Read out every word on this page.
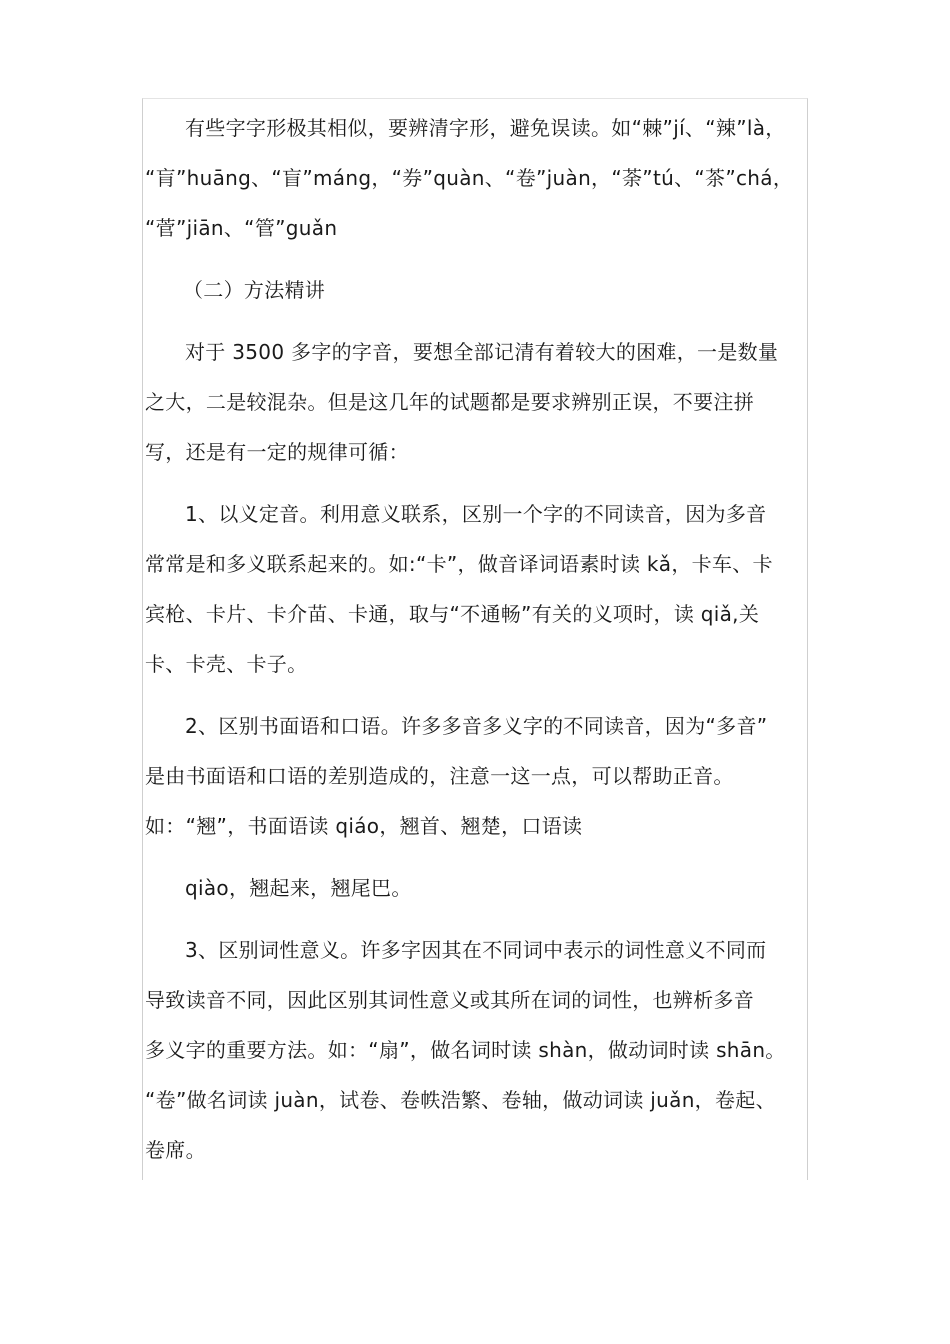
有些字字形极其相似，要辨清字形，避免误读。如“棘”jí、“辣”là，
“肓”huāng、“盲”máng，“券”quàn、“卷”juàn，“荼”tú、“茶”chá，
“菅”jiān、“管”guǎn
（二）方法精讲
对于 3500 多字的字音，要想全部记清有着较大的困难，一是数量
之大，二是较混杂。但是这几年的试题都是要求辨别正误，不要注拼
写，还是有一定的规律可循：
1、以义定音。利用意义联系，区别一个字的不同读音，因为多音
常常是和多义联系起来的。如:“卡”，做音译词语素时读 kǎ，卡车、卡
宾枪、卡片、卡介苗、卡通，取与“不通畅”有关的义项时，读 qiǎ,关
卡、卡壳、卡子。
2、区别书面语和口语。许多多音多义字的不同读音，因为“多音”
是由书面语和口语的差别造成的，注意一这一点，可以帮助正音。
如：“翘”，书面语读 qiáo，翘首、翘楚，口语读
qiào，翘起来，翘尾巴。
3、区别词性意义。许多字因其在不同词中表示的词性意义不同而
导致读音不同，因此区别其词性意义或其所在词的词性，也辨析多音
多义字的重要方法。如：“扇”，做名词时读 shàn，做动词时读 shān。
“卷”做名词读 juàn，试卷、卷帙浩繁、卷轴，做动词读 juǎn，卷起、
卷席。
